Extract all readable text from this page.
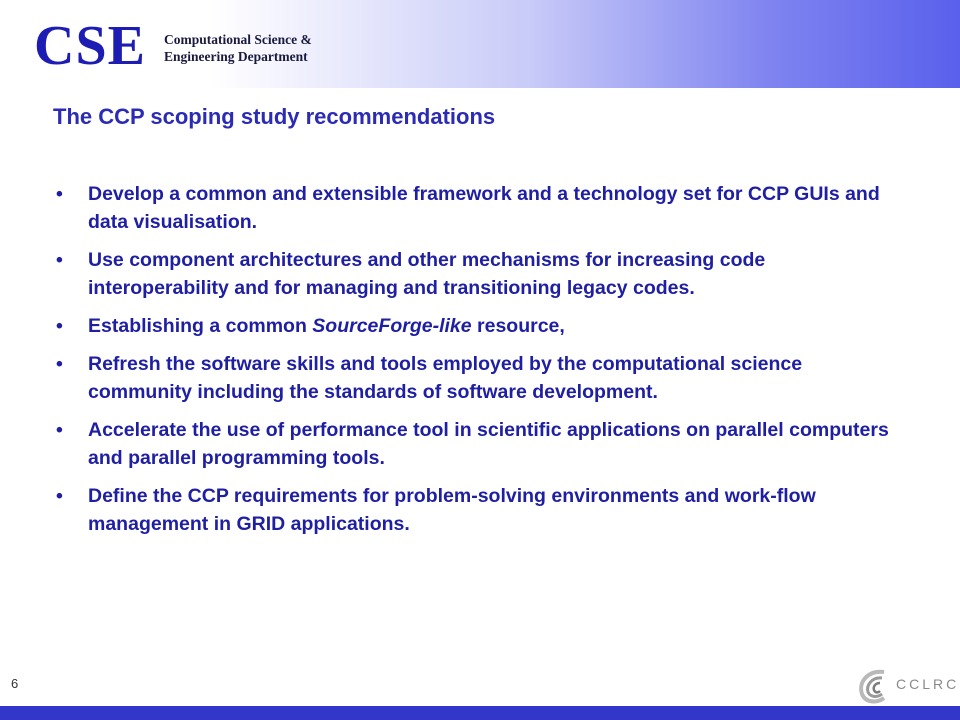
CSE Computational Science &
Engineering Department
The CCP scoping study recommendations
• Develop a common and extensible framework and a technology set for CCP GUIs and data visualisation.
• Use component architectures and other mechanisms for increasing code interoperability and for managing and transitioning legacy codes.
• Establishing a common SourceForge-like resource,
• Refresh the software skills and tools employed by the computational science community including the standards of software development.
• Accelerate the use of performance tool in scientific applications on parallel computers and parallel programming tools.
• Define the CCP requirements for problem-solving environments and work-flow management in GRID applications.
6	CCLRC
